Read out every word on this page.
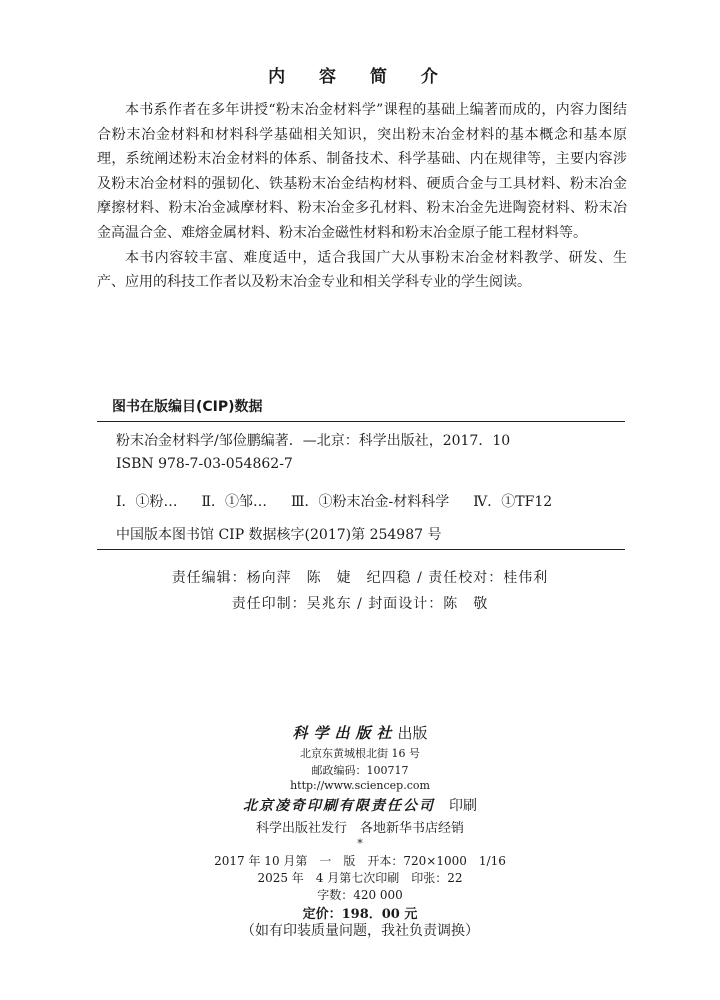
内 容 简 介

本书系作者在多年讲授“粉末冶金材料学”课程的基础上编著而成的，内容力图结合粉末冶金材料和材料科学基础相关知识，突出粉末冶金材料的基本概念和基本原理，系统阐述粉末冶金材料的体系、制备技术、科学基础、内在规律等，主要内容涉及粉末冶金材料的强韧化、铁基粉末冶金结构材料、硬质合金与工具材料、粉末冶金摩擦材料、粉末冶金减摩材料、粉末冶金多孔材料、粉末冶金先进陶瓷材料、粉末冶金高温合金、难熔金属材料、粉末冶金磁性材料和粉末冶金原子能工程材料等。

本书内容较丰富、难度适中，适合我国广大从事粉末冶金材料教学、研发、生产、应用的科技工作者以及粉末冶金专业和相关学科专业的学生阅读。

图书在版编目(CIP)数据
粉末冶金材料学/邹俭鹏编著．—北京：科学出版社，2017．10
ISBN 978-7-03-054862-7
Ⅰ．①粉… Ⅱ．①邹… Ⅲ．①粉末冶金-材料科学 Ⅳ．①TF12
中国版本图书馆 CIP 数据核字(2017)第 254987 号
责任编辑：杨向萍　陈　婕　纪四稳 / 责任校对：桂伟利
责任印制：吴兆东 / 封面设计：陈　敬
科学出版社出版
北京东黄城根北街 16 号
邮政编码：100717
http://www.sciencep.com
北京凌奇印刷有限责任公司 印刷
科学出版社发行　各地新华书店经销
*
2017 年 10 月第　一　版　开本：720×1000　1/16
2025 年　4 月第七次印刷　印张：22
字数：420 000
定价：198．00 元
（如有印装质量问题，我社负责调换）
